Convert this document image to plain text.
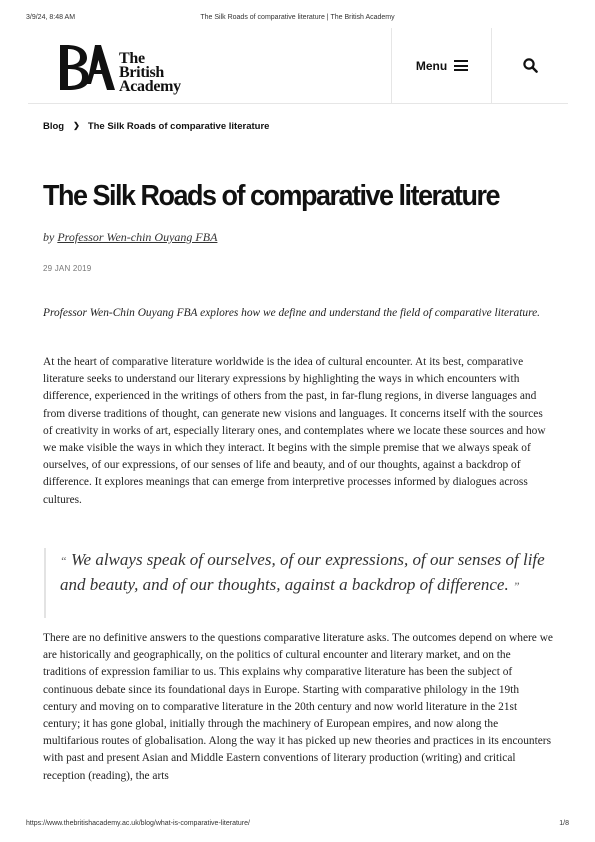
3/9/24, 8:48 AM	The Silk Roads of comparative literature | The British Academy
The
British
Academy
Menu
Blog ❯ The Silk Roads of comparative literature
The Silk Roads of comparative literature
by Professor Wen-chin Ouyang FBA
29 JAN 2019

Professor Wen-Chin Ouyang FBA explores how we define and understand the field of comparative literature.

At the heart of comparative literature worldwide is the idea of cultural encounter. At its best, comparative literature seeks to understand our literary expressions by highlighting the ways in which encounters with difference, experienced in the writings of others from the past, in far-flung regions, in diverse languages and from diverse traditions of thought, can generate new visions and languages. It concerns itself with the sources of creativity in works of art, especially literary ones, and contemplates where we locate these sources and how we make visible the ways in which they interact. It begins with the simple premise that we always speak of ourselves, of our expressions, of our senses of life and beauty, and of our thoughts, against a backdrop of difference. It explores meanings that can emerge from interpretive processes informed by dialogues across cultures.

“ We always speak of ourselves, of our expressions, of our senses of life and beauty, and of our thoughts, against a backdrop of difference. ”

There are no definitive answers to the questions comparative literature asks. The outcomes depend on where we are historically and geographically, on the politics of cultural encounter and literary market, and on the traditions of expression familiar to us. This explains why comparative literature has been the subject of continuous debate since its foundational days in Europe. Starting with comparative philology in the 19th century and moving on to comparative literature in the 20th century and now world literature in the 21st century; it has gone global, initially through the machinery of European empires, and now along the multifarious routes of globalisation. Along the way it has picked up new theories and practices in its encounters with past and present Asian and Middle Eastern conventions of literary production (writing) and critical reception (reading), the arts

https://www.thebritishacademy.ac.uk/blog/what-is-comparative-literature/	1/8
